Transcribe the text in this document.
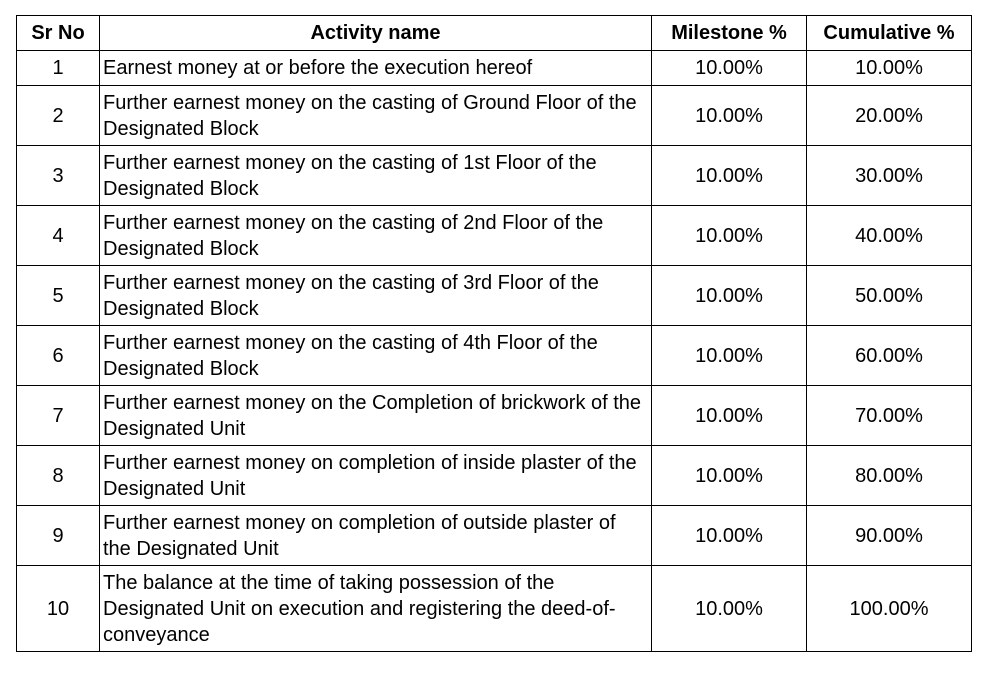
Sr No	Activity name	Milestone %	Cumulative %
1	Earnest money at or before the execution hereof	10.00%	10.00%
2	Further earnest money on the casting of Ground Floor of the Designated Block	10.00%	20.00%
3	Further earnest money on the casting of 1st Floor of the Designated Block	10.00%	30.00%
4	Further earnest money on the casting of 2nd Floor of the Designated Block	10.00%	40.00%
5	Further earnest money on the casting of 3rd Floor of the Designated Block	10.00%	50.00%
6	Further earnest money on the casting of 4th Floor of the Designated Block	10.00%	60.00%
7	Further earnest money on the Completion of brickwork of the Designated Unit	10.00%	70.00%
8	Further earnest money on completion of inside plaster of the Designated Unit	10.00%	80.00%
9	Further earnest money on completion of outside plaster of the Designated Unit	10.00%	90.00%
10	The balance at the time of taking possession of the Designated Unit on execution and registering the deed-of-conveyance	10.00%	100.00%
